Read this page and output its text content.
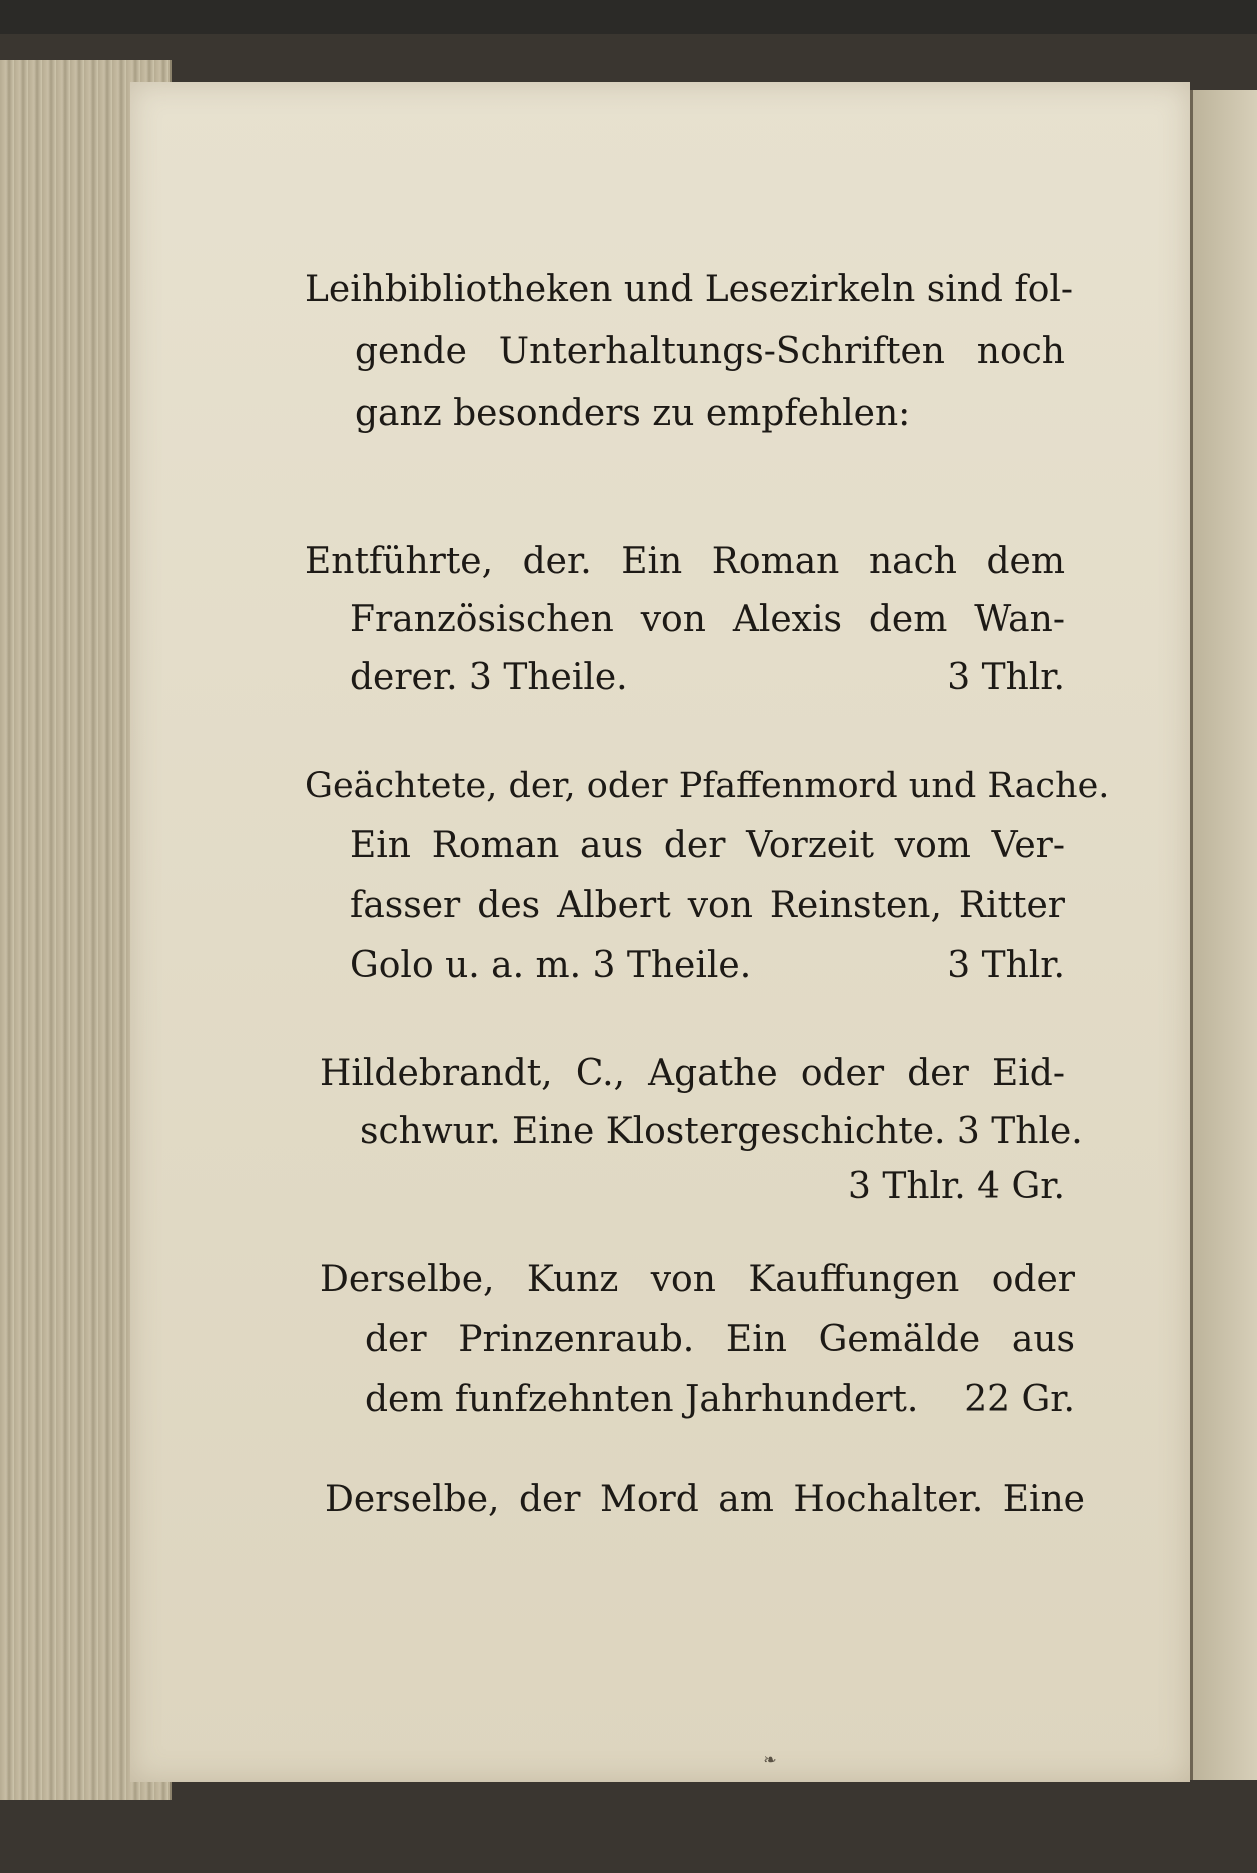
Leihbibliotheken und Lesezirkeln sind fol-
gende Unterhaltungs-Schriften noch
ganz besonders zu empfehlen:
Entführte, der. Ein Roman nach dem
Französischen von Alexis dem Wan-
derer. 3 Theile.	3 Thlr.
Geächtete, der, oder Pfaffenmord und Rache.
Ein Roman aus der Vorzeit vom Ver-
fasser des Albert von Reinsten, Ritter
Golo u. a. m. 3 Theile.	3 Thlr.
Hildebrandt, C., Agathe oder der Eid-
schwur. Eine Klostergeschichte. 3 Thle.
3 Thlr. 4 Gr.
Derselbe, Kunz von Kauffungen oder
der Prinzenraub. Ein Gemälde aus
dem funfzehnten Jahrhundert. 22 Gr.
Derselbe, der Mord am Hochalter. Eine
❧
